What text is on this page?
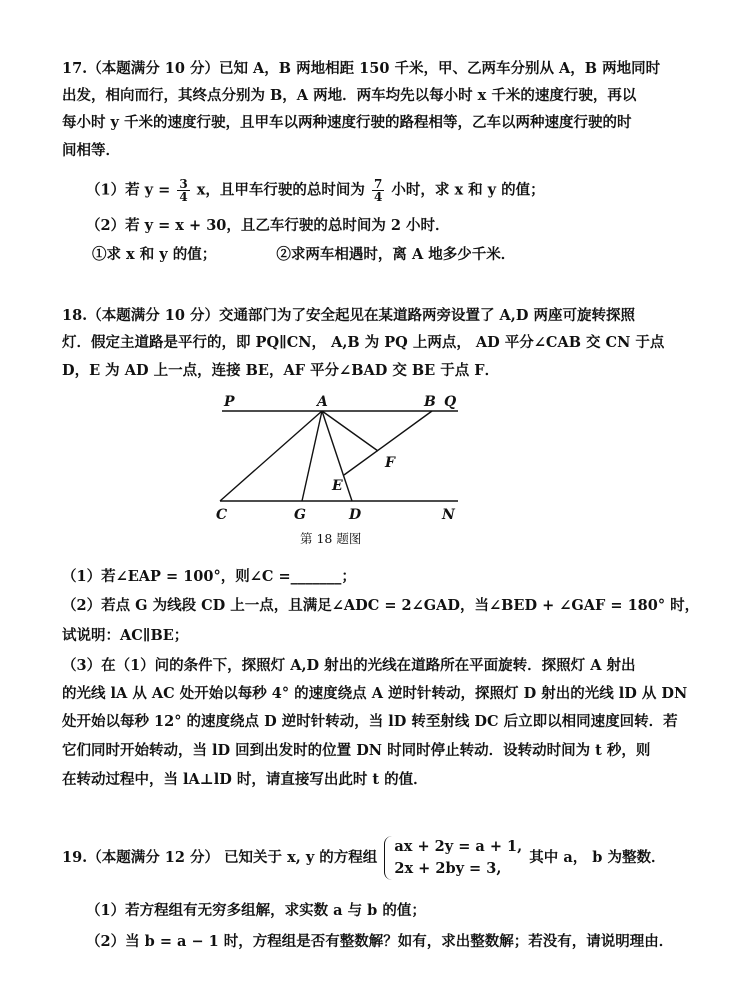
17.（本题满分 10 分）已知 A，B 两地相距 150 千米，甲、乙两车分别从 A，B 两地同时
出发，相向而行，其终点分别为 B，A 两地．两车均先以每小时 x 千米的速度行驶，再以
每小时 y 千米的速度行驶，且甲车以两种速度行驶的路程相等，乙车以两种速度行驶的时
间相等．
（1）若 $y = \frac{3}{4}$ x，且甲车行驶的总时间为 $\frac{7}{4}$ 小时，求 x 和 y 的值；
（2）若 y = x + 30，且乙车行驶的总时间为 2 小时．
①求 x 和 y 的值；	②求两车相遇时，离 A 地多少千米．
18.（本题满分 10 分）交通部门为了安全起见在某道路两旁设置了 A,D 两座可旋转探照
灯．假定主道路是平行的，即 PQ∥CN， A,B 为 PQ 上两点， AD 平分∠CAB 交 CN 于点
D，E 为 AD 上一点，连接 BE，AF 平分∠BAD 交 BE 于点 F．
P	A	B Q
F
E
C	G	D	N
第 18 题图
（1）若∠EAP = 100°，则∠C =_______；
（2）若点 G 为线段 CD 上一点，且满足∠ADC = 2∠GAD，当∠BED + ∠GAF = 180° 时，
试说明：AC∥BE；
（3）在（1）问的条件下，探照灯 A,D 射出的光线在道路所在平面旋转．探照灯 A 射出
的光线 lA 从 AC 处开始以每秒 4° 的速度绕点 A 逆时针转动，探照灯 D 射出的光线 lD 从 DN
处开始以每秒 12° 的速度绕点 D 逆时针转动，当 lD 转至射线 DC 后立即以相同速度回转．若
它们同时开始转动，当 lD 回到出发时的位置 DN 时同时停止转动．设转动时间为 t 秒，则
在转动过程中，当 lA⊥lD 时，请直接写出此时 t 的值．
19.（本题满分 12 分） 已知关于 x, y 的方程组
ax + 2y = a + 1,
2x + 2by = 3,
其中 a， b 为整数．
（1）若方程组有无穷多组解，求实数 a 与 b 的值；
（2）当 b = a − 1 时，方程组是否有整数解？如有，求出整数解；若没有，请说明理由．
